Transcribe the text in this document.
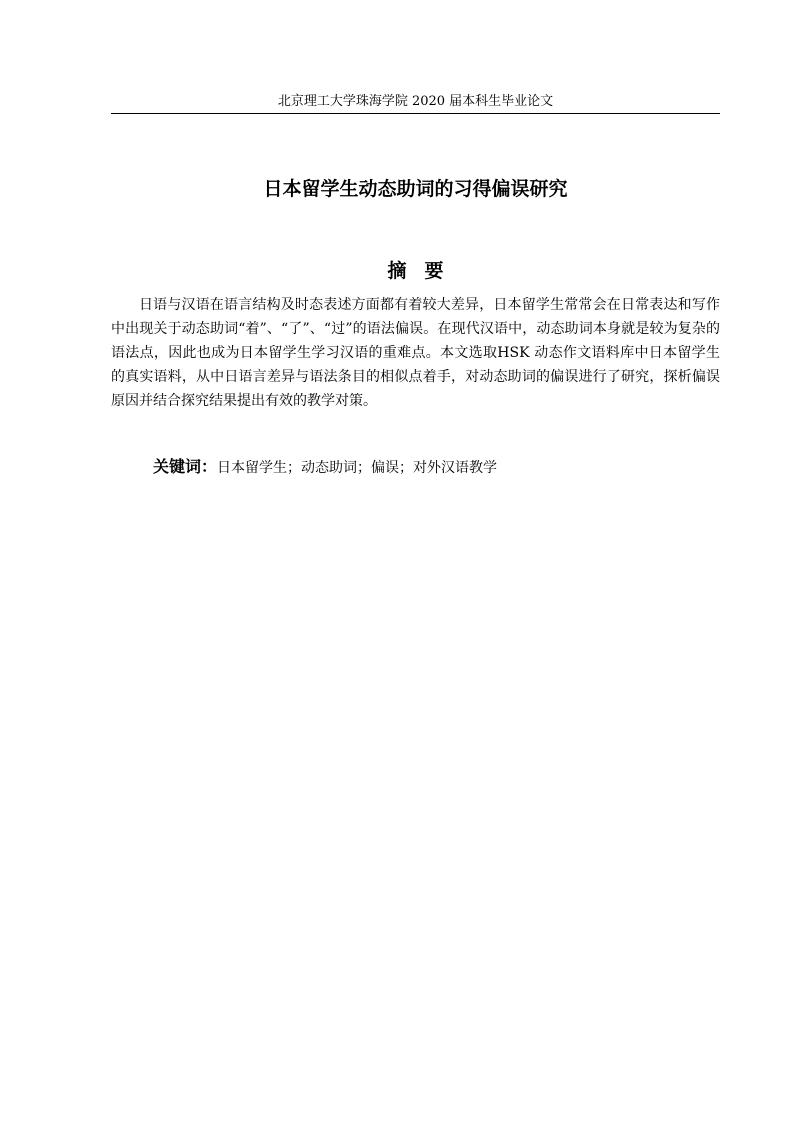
北京理工大学珠海学院 2020 届本科生毕业论文
日本留学生动态助词的习得偏误研究
摘要

日语与汉语在语言结构及时态表述方面都有着较大差异，日本留学生常常会在日常表达和写作中出现关于动态助词“着”、“了”、“过”的语法偏误。在现代汉语中，动态助词本身就是较为复杂的语法点，因此也成为日本留学生学习汉语的重难点。本文选取HSK 动态作文语料库中日本留学生的真实语料，从中日语言差异与语法条目的相似点着手，对动态助词的偏误进行了研究，探析偏误原因并结合探究结果提出有效的教学对策。

关键词：日本留学生；动态助词；偏误；对外汉语教学
